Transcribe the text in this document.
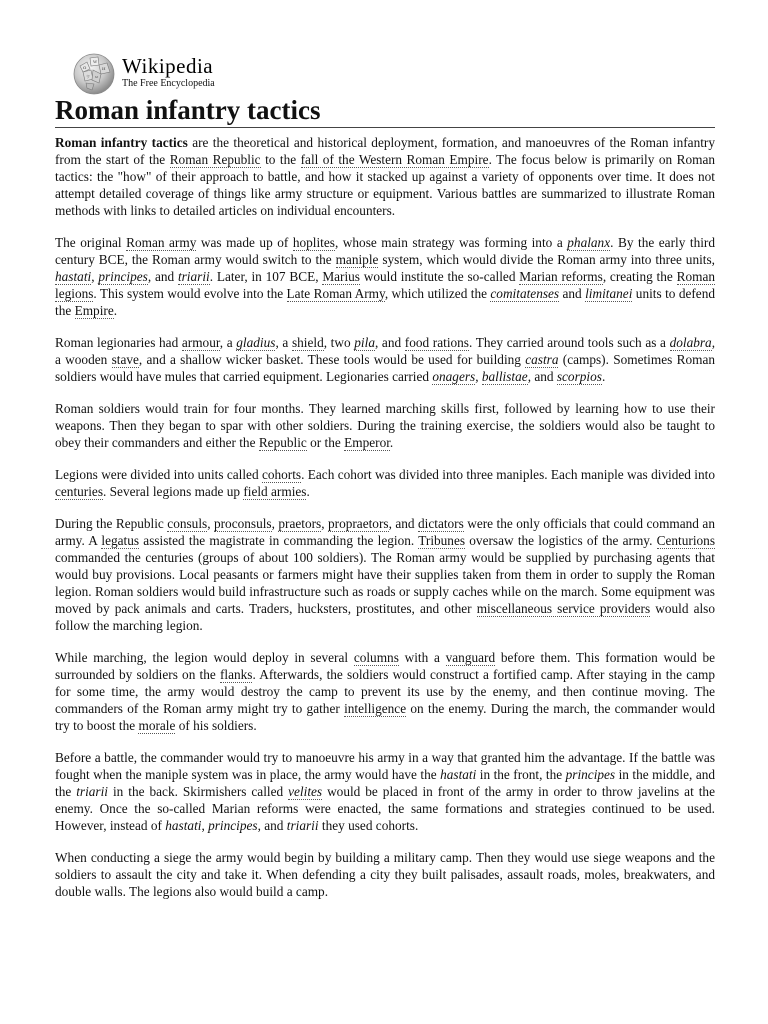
Ω
W
И
ウ ω Wikipedia
The Free Encyclopedia
Roman infantry tactics

Roman infantry tactics are the theoretical and historical deployment, formation, and manoeuvres of the Roman infantry from the start of the Roman Republic to the fall of the Western Roman Empire. The focus below is primarily on Roman tactics: the "how" of their approach to battle, and how it stacked up against a variety of opponents over time. It does not attempt detailed coverage of things like army structure or equipment. Various battles are summarized to illustrate Roman methods with links to detailed articles on individual encounters.

The original Roman army was made up of hoplites, whose main strategy was forming into a phalanx. By the early third century BCE, the Roman army would switch to the maniple system, which would divide the Roman army into three units, hastati, principes, and triarii. Later, in 107 BCE, Marius would institute the so-called Marian reforms, creating the Roman legions. This system would evolve into the Late Roman Army, which utilized the comitatenses and limitanei units to defend the Empire.

Roman legionaries had armour, a gladius, a shield, two pila, and food rations. They carried around tools such as a dolabra, a wooden stave, and a shallow wicker basket. These tools would be used for building castra (camps). Sometimes Roman soldiers would have mules that carried equipment. Legionaries carried onagers, ballistae, and scorpios.

Roman soldiers would train for four months. They learned marching skills first, followed by learning how to use their weapons. Then they began to spar with other soldiers. During the training exercise, the soldiers would also be taught to obey their commanders and either the Republic or the Emperor.

Legions were divided into units called cohorts. Each cohort was divided into three maniples. Each maniple was divided into centuries. Several legions made up field armies.

During the Republic consuls, proconsuls, praetors, propraetors, and dictators were the only officials that could command an army. A legatus assisted the magistrate in commanding the legion. Tribunes oversaw the logistics of the army. Centurions commanded the centuries (groups of about 100 soldiers). The Roman army would be supplied by purchasing agents that would buy provisions. Local peasants or farmers might have their supplies taken from them in order to supply the Roman legion. Roman soldiers would build infrastructure such as roads or supply caches while on the march. Some equipment was moved by pack animals and carts. Traders, hucksters, prostitutes, and other miscellaneous service providers would also follow the marching legion.

While marching, the legion would deploy in several columns with a vanguard before them. This formation would be surrounded by soldiers on the flanks. Afterwards, the soldiers would construct a fortified camp. After staying in the camp for some time, the army would destroy the camp to prevent its use by the enemy, and then continue moving. The commanders of the Roman army might try to gather intelligence on the enemy. During the march, the commander would try to boost the morale of his soldiers.

Before a battle, the commander would try to manoeuvre his army in a way that granted him the advantage. If the battle was fought when the maniple system was in place, the army would have the hastati in the front, the principes in the middle, and the triarii in the back. Skirmishers called velites would be placed in front of the army in order to throw javelins at the enemy. Once the so-called Marian reforms were enacted, the same formations and strategies continued to be used. However, instead of hastati, principes, and triarii they used cohorts.

When conducting a siege the army would begin by building a military camp. Then they would use siege weapons and the soldiers to assault the city and take it. When defending a city they built palisades, assault roads, moles, breakwaters, and double walls. The legions also would build a camp.
